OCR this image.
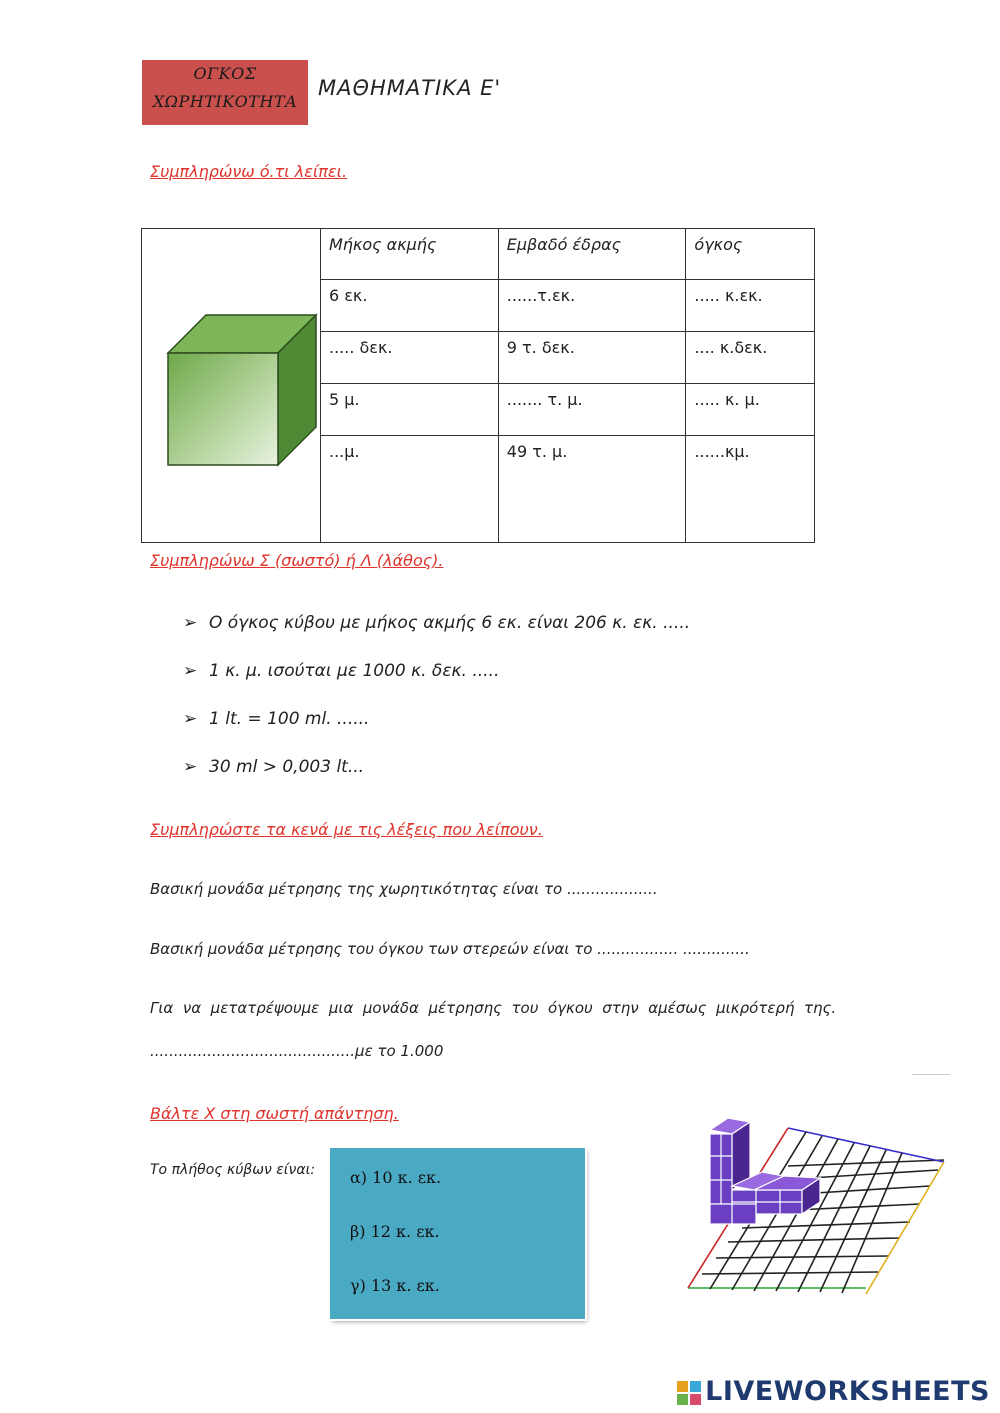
ΟΓΚΟΣ
ΧΩΡΗΤΙΚΟΤΗΤΑ
ΜΑΘΗΜΑΤΙΚΑ Ε'
Συμπληρώνω ό.τι λείπει.
	Μήκος ακμής	Εμβαδό έδρας	όγκος
	6 εκ.	......τ.εκ.	..... κ.εκ.
	..... δεκ.	9 τ. δεκ.	.... κ.δεκ.
	5 μ.	....... τ. μ.	..... κ. μ.
	...μ.	49 τ. μ.	......κμ.
Συμπληρώνω Σ (σωστό) ή Λ (λάθος).
➢ Ο όγκος κύβου με μήκος ακμής 6 εκ. είναι 206 κ. εκ. .....
➢ 1 κ. μ. ισούται με 1000 κ. δεκ. .....
➢ 1 lt. = 100 ml. ......
➢ 30 ml > 0,003 lt...
Συμπληρώστε τα κενά με τις λέξεις που λείπουν.
Βασική μονάδα μέτρησης της χωρητικότητας είναι το ...................
Βασική μονάδα μέτρησης του όγκου των στερεών είναι το ................. ..............
Για  να  μετατρέψουμε  μια  μονάδα  μέτρησης  του  όγκου  στην  αμέσως  μικρότερή  της.
...........................................με το 1.000
Βάλτε Χ στη σωστή απάντηση.
Το πλήθος κύβων είναι: α) 10 κ. εκ.
β) 12 κ. εκ.
γ) 13 κ. εκ.
LIVEWORKSHEETS
